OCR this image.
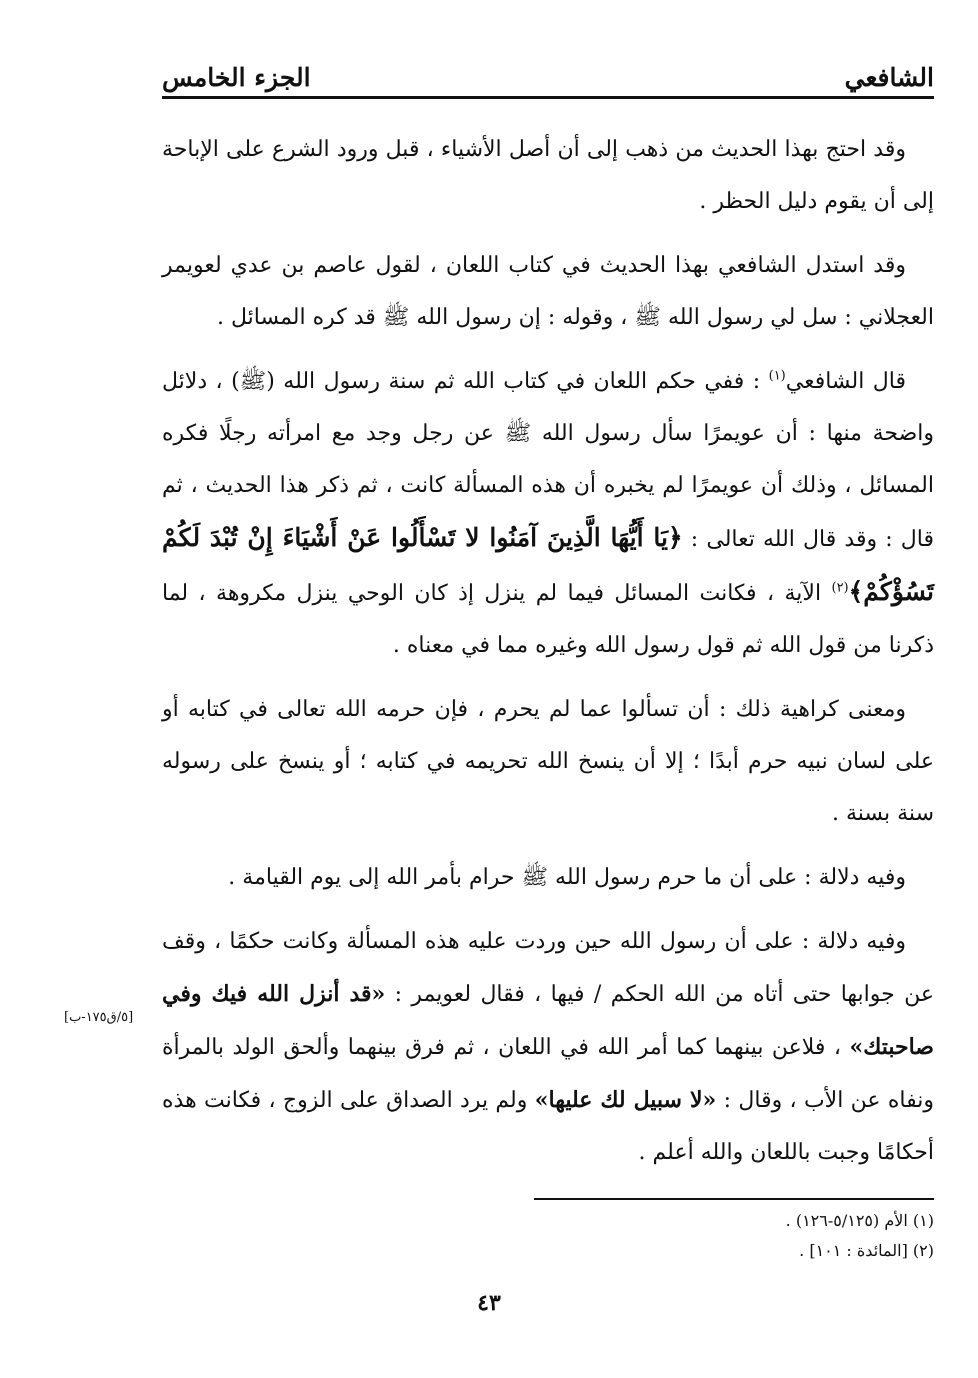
الشافعي
الجزء الخامس

وقد احتج بهذا الحديث من ذهب إلى أن أصل الأشياء ، قبل ورود الشرع على الإباحة إلى أن يقوم دليل الحظر .

وقد استدل الشافعي بهذا الحديث في كتاب اللعان ، لقول عاصم بن عدي لعويمر العجلاني : سل لي رسول الله ﷺ ، وقوله : إن رسول الله ﷺ قد كره المسائل .

قال الشافعي$^{(١)}$ : ففي حكم اللعان في كتاب الله ثم سنة رسول الله (ﷺ) ، دلائل واضحة منها : أن عويمرًا سأل رسول الله ﷺ عن رجل وجد مع امرأته رجلًا فكره المسائل ، وذلك أن عويمرًا لم يخبره أن هذه المسألة كانت ، ثم ذكر هذا الحديث ، ثم قال : وقد قال الله تعالى : ﴿يَا أَيُّهَا الَّذِينَ آمَنُوا لا تَسْأَلُوا عَنْ أَشْيَاءَ إِنْ تُبْدَ لَكُمْ تَسُؤْكُمْ﴾$^{(٢)}$ الآية ، فكانت المسائل فيما لم ينزل إذ كان الوحي ينزل مكروهة ، لما ذكرنا من قول الله ثم قول رسول الله وغيره مما في معناه .

ومعنى كراهية ذلك : أن تسألوا عما لم يحرم ، فإن حرمه الله تعالى في كتابه أو على لسان نبيه حرم أبدًا ؛ إلا أن ينسخ الله تحريمه في كتابه ؛ أو ينسخ على رسوله سنة بسنة .

وفيه دلالة : على أن ما حرم رسول الله ﷺ حرام بأمر الله إلى يوم القيامة .

وفيه دلالة : على أن رسول الله حين وردت عليه هذه المسألة وكانت حكمًا ، وقف عن جوابها حتى أتاه من الله الحكم / فيها ، فقال لعويمر : «قد أنزل الله فيك وفي صاحبتك» ، فلاعن بينهما كما أمر الله في اللعان ، ثم فرق بينهما وألحق الولد بالمرأة ونفاه عن الأب ، وقال : «لا سبيل لك عليها» ولم يرد الصداق على الزوج ، فكانت هذه أحكامًا وجبت باللعان والله أعلم .

[٥/ق١٧٥-ب]

(١) الأم (٥/١٢٥-١٢٦) .

(٢) [المائدة : ١٠١] .

٤٣
